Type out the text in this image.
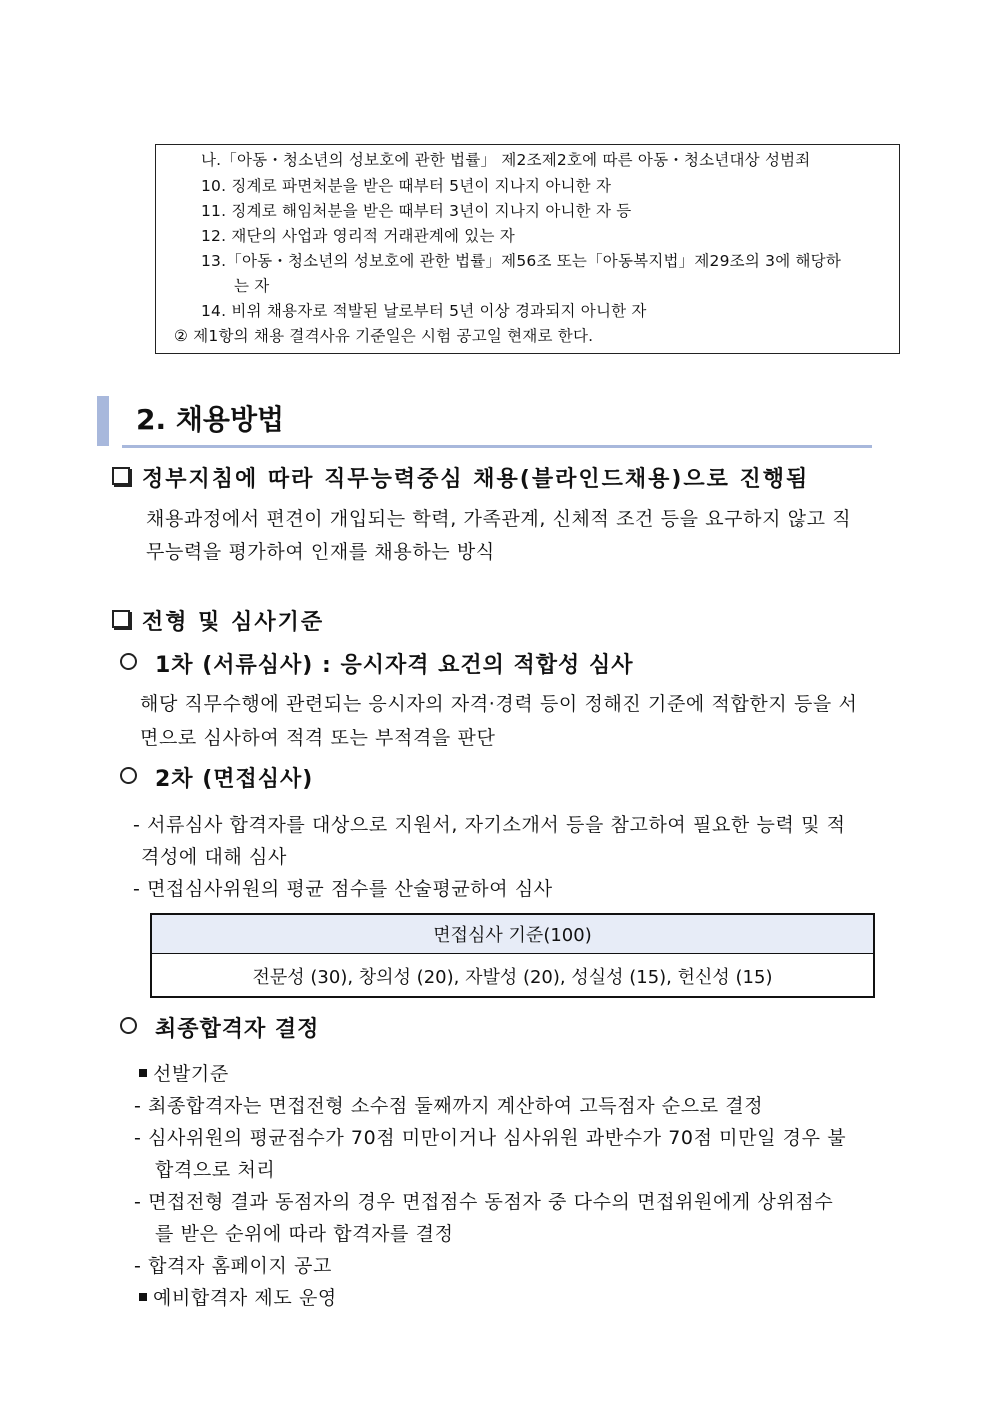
나.「아동・청소년의 성보호에 관한 법률」 제2조제2호에 따른 아동・청소년대상 성범죄
10. 징계로 파면처분을 받은 때부터 5년이 지나지 아니한 자
11. 징계로 해임처분을 받은 때부터 3년이 지나지 아니한 자 등
12. 재단의 사업과 영리적 거래관계에 있는 자
13.「아동・청소년의 성보호에 관한 법률」제56조 또는「아동복지법」제29조의 3에 해당하
는 자
14. 비위 채용자로 적발된 날로부터 5년 이상 경과되지 아니한 자
② 제1항의 채용 결격사유 기준일은 시험 공고일 현재로 한다.
2. 채용방법
정부지침에 따라 직무능력중심 채용(블라인드채용)으로 진행됨
채용과정에서 편견이 개입되는 학력, 가족관계, 신체적 조건 등을 요구하지 않고 직
무능력을 평가하여 인재를 채용하는 방식
전형 및 심사기준
1차 (서류심사) : 응시자격 요건의 적합성 심사
해당 직무수행에 관련되는 응시자의 자격·경력 등이 정해진 기준에 적합한지 등을 서
면으로 심사하여 적격 또는 부적격을 판단
2차 (면접심사)
- 서류심사 합격자를 대상으로 지원서, 자기소개서 등을 참고하여 필요한 능력 및 적
격성에 대해 심사
- 면접심사위원의 평균 점수를 산술평균하여 심사
면접심사 기준(100)
전문성 (30), 창의성 (20), 자발성 (20), 성실성 (15), 헌신성 (15)
최종합격자 결정
선발기준
- 최종합격자는 면접전형 소수점 둘째까지 계산하여 고득점자 순으로 결정
- 심사위원의 평균점수가 70점 미만이거나 심사위원 과반수가 70점 미만일 경우 불
합격으로 처리
- 면접전형 결과 동점자의 경우 면접점수 동점자 중 다수의 면접위원에게 상위점수
를 받은 순위에 따라 합격자를 결정
- 합격자 홈페이지 공고
예비합격자 제도 운영
